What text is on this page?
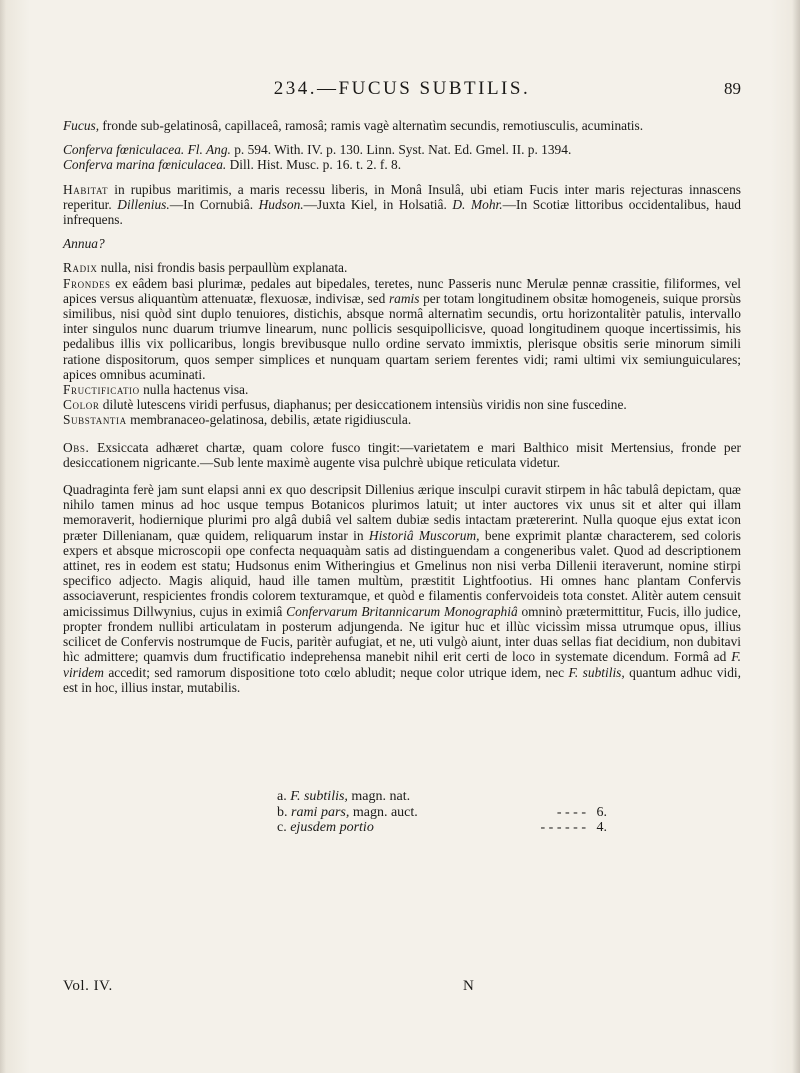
234.—FUCUS SUBTILIS.	89

Fucus, fronde sub-gelatinosâ, capillaceâ, ramosâ; ramis vagè alternatìm secundis, remotiusculis, acuminatis.

Conferva fœniculacea. Fl. Ang. p. 594. With. IV. p. 130. Linn. Syst. Nat. Ed. Gmel. II. p. 1394.

Conferva marina fœniculacea. Dill. Hist. Musc. p. 16. t. 2. f. 8.

Habitat in rupibus maritimis, a maris recessu liberis, in Monâ Insulâ, ubi etiam Fucis inter maris rejecturas innascens reperitur. Dillenius.—In Cornubiâ. Hudson.—Juxta Kiel, in Holsatiâ. D. Mohr.—In Scotiæ littoribus occidentalibus, haud infrequens.

Annua?

Radix nulla, nisi frondis basis perpaullùm explanata.

Frondes ex eâdem basi plurimæ, pedales aut bipedales, teretes, nunc Passeris nunc Merulæ pennæ crassitie, filiformes, vel apices versus aliquantùm attenuatæ, flexuosæ, indivisæ, sed ramis per totam longitudinem obsitæ homogeneis, suique prorsùs similibus, nisi quòd sint duplo tenuiores, distichis, absque normâ alternatìm secundis, ortu horizontalitèr patulis, intervallo inter singulos nunc duarum triumve linearum, nunc pollicis sesquipollicisve, quoad longitudinem quoque incertissimis, his pedalibus illis vix pollicaribus, longis brevibusque nullo ordine servato immixtis, plerisque obsitis serie minorum simili ratione dispositorum, quos semper simplices et nunquam quartam seriem ferentes vidi; rami ultimi vix semiunguiculares; apices omnibus acuminati.

Fructificatio nulla hactenus visa.

Color dilutè lutescens viridi perfusus, diaphanus; per desiccationem intensiùs viridis non sine fuscedine.

Substantia membranaceo-gelatinosa, debilis, ætate rigidiuscula.

Obs. Exsiccata adhæret chartæ, quam colore fusco tingit:—varietatem e mari Balthico misit Mertensius, fronde per desiccationem nigricante.—Sub lente maximè augente visa pulchrè ubique reticulata videtur.

Quadraginta ferè jam sunt elapsi anni ex quo descripsit Dillenius ærique insculpi curavit stirpem in hâc tabulâ depictam, quæ nihilo tamen minus ad hoc usque tempus Botanicos plurimos latuit; ut inter auctores vix unus sit et alter qui illam memoraverit, hodiernique plurimi pro algâ dubiâ vel saltem dubiæ sedis intactam prætererint. Nulla quoque ejus extat icon præter Dillenianam, quæ quidem, reliquarum instar in Historiâ Muscorum, bene exprimit plantæ characterem, sed coloris expers et absque microscopii ope confecta nequaquàm satis ad distinguendam a congeneribus valet. Quod ad descriptionem attinet, res in eodem est statu; Hudsonus enim Witheringius et Gmelinus non nisi verba Dillenii iteraverunt, nomine stirpi specifico adjecto. Magis aliquid, haud ille tamen multùm, præstitit Lightfootius. Hi omnes hanc plantam Confervis associaverunt, respicientes frondis colorem texturamque, et quòd e filamentis confervoideis tota constet. Alitèr autem censuit amicissimus Dillwynius, cujus in eximiâ Confervarum Britannicarum Monographiâ omninò prætermittitur, Fucis, illo judice, propter frondem nullibi articulatam in posterum adjungenda. Ne igitur huc et illùc vicissìm missa utrumque opus, illius scilicet de Confervis nostrumque de Fucis, paritèr aufugiat, et ne, uti vulgò aiunt, inter duas sellas fiat decidium, non dubitavi hìc admittere; quamvis dum fructificatio indeprehensa manebit nihil erit certi de loco in systemate dicendum. Formâ ad F. viridem accedit; sed ramorum dispositione toto cœlo abludit; neque color utrique idem, nec F. subtilis, quantum adhuc vidi, est in hoc, illius instar, mutabilis.

a. F. subtilis, magn. nat.
b. rami pars, magn. auct.	- - - - 6.
c. ejusdem portio	- - - - - - 4.
Vol. IV.	N
